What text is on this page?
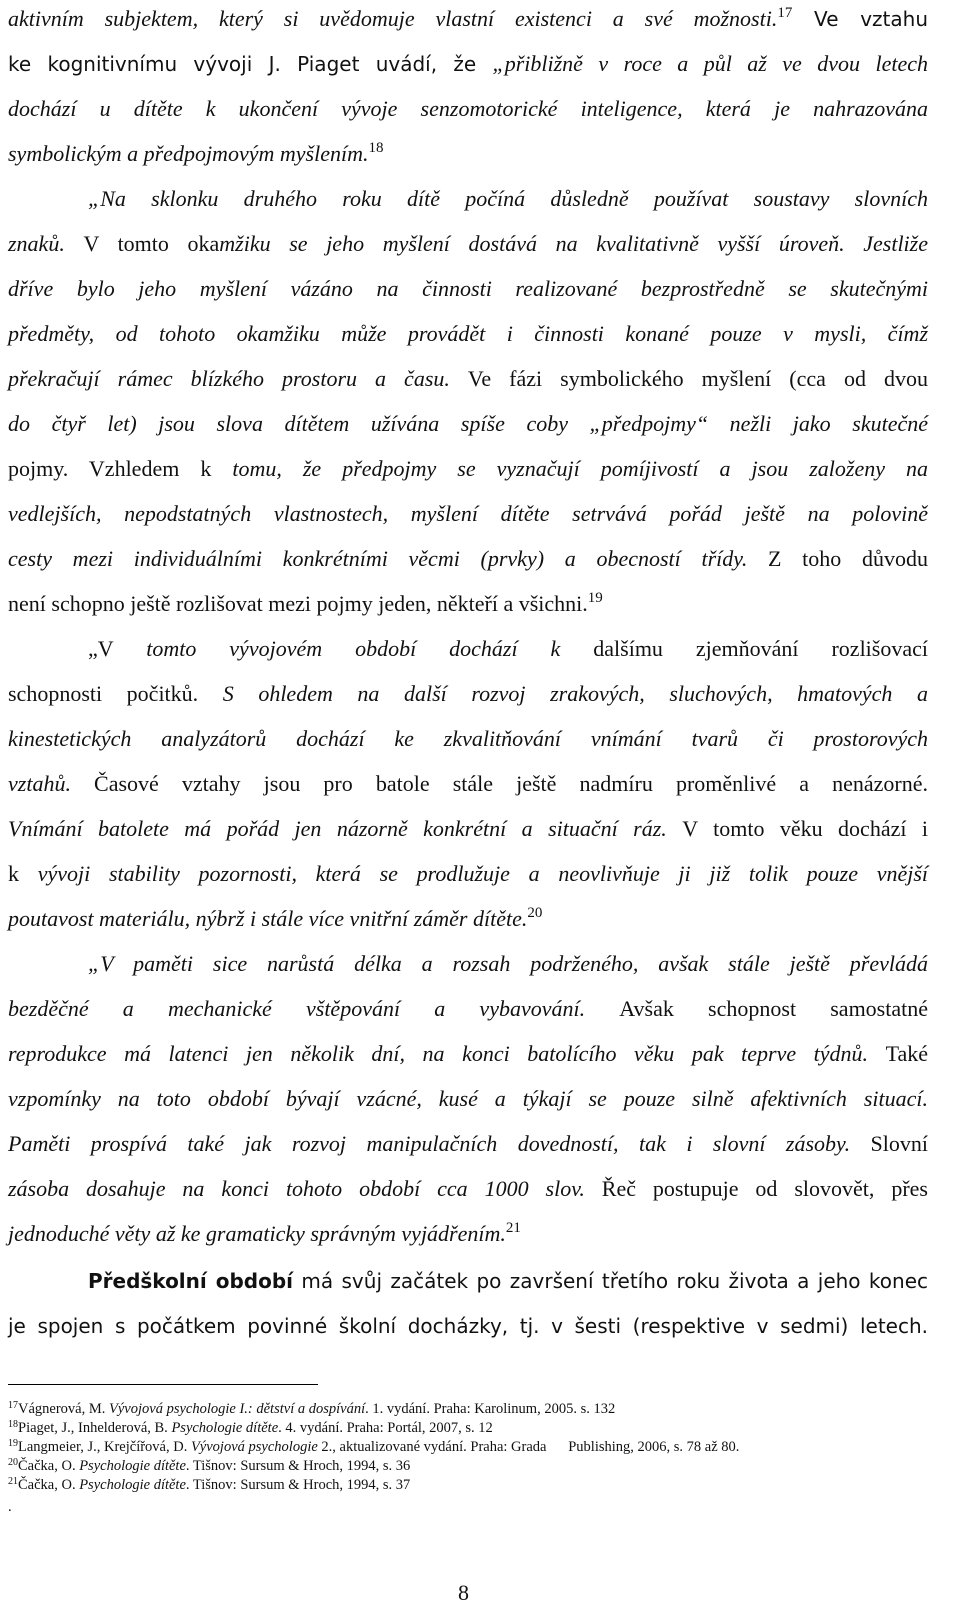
aktivním subjektem, který si uvědomuje vlastní existenci a své možnosti.$^{17}$ Ve vztahu
ke kognitivnímu vývoji J. Piaget uvádí, že „přibližně v roce a půl až ve dvou letech
dochází u dítěte k ukončení vývoje senzomotorické inteligence, která je nahrazována
symbolickým a předpojmovým myšlením.$^{18}$
„Na sklonku druhého roku dítě počíná důsledně používat soustavy slovních
znaků. V tomto okamžiku se jeho myšlení dostává na kvalitativně vyšší úroveň. Jestliže
dříve bylo jeho myšlení vázáno na činnosti realizované bezprostředně se skutečnými
předměty, od tohoto okamžiku může provádět i činnosti konané pouze v mysli, čímž
překračují rámec blízkého prostoru a času. Ve fázi symbolického myšlení (cca od dvou
do čtyř let) jsou slova dítětem užívána spíše coby „předpojmy“ nežli jako skutečné
pojmy. Vzhledem k tomu, že předpojmy se vyznačují pomíjivostí a jsou založeny na
vedlejších, nepodstatných vlastnostech, myšlení dítěte setrvává pořád ještě na polovině
cesty mezi individuálními konkrétními věcmi (prvky) a obecností třídy. Z toho důvodu
není schopno ještě rozlišovat mezi pojmy jeden, někteří a všichni.$^{19}$
„V tomto vývojovém období dochází k dalšímu zjemňování rozlišovací
schopnosti počitků. S ohledem na další rozvoj zrakových, sluchových, hmatových a
kinestetických analyzátorů dochází ke zkvalitňování vnímání tvarů či prostorových
vztahů. Časové vztahy jsou pro batole stále ještě nadmíru proměnlivé a nenázorné.
Vnímání batolete má pořád jen názorně konkrétní a situační ráz. V tomto věku dochází i
k vývoji stability pozornosti, která se prodlužuje a neovlivňuje ji již tolik pouze vnější
poutavost materiálu, nýbrž i stále více vnitřní záměr dítěte.$^{20}$
„V paměti sice narůstá délka a rozsah podrženého, avšak stále ještě převládá
bezděčné a mechanické vštěpování a vybavování. Avšak schopnost samostatné
reprodukce má latenci jen několik dní, na konci batolícího věku pak teprve týdnů. Také
vzpomínky na toto období bývají vzácné, kusé a týkají se pouze silně afektivních situací.
Paměti prospívá také jak rozvoj manipulačních dovedností, tak i slovní zásoby. Slovní
zásoba dosahuje na konci tohoto období cca 1000 slov. Řeč postupuje od slovovět, přes
jednoduché věty až ke gramaticky správným vyjádřením.$^{21}$
Předškolní období má svůj začátek po završení třetího roku života a jeho konec
je spojen s počátkem povinné školní docházky, tj. v šesti (respektive v sedmi) letech.
$^{17}$Vágnerová, M. Vývojová psychologie I.: dětství a dospívání. 1. vydání. Praha: Karolinum, 2005. s. 132
$^{18}$Piaget, J., Inhelderová, B. Psychologie dítěte. 4. vydání. Praha: Portál, 2007, s. 12
$^{19}$Langmeier, J., Krejčířová, D. Vývojová psychologie 2., aktualizované vydání. Praha: Grada      Publishing, 2006, s. 78 až 80.
$^{20}$Čačka, O. Psychologie dítěte. Tišnov: Sursum & Hroch, 1994, s. 36
$^{21}$Čačka, O. Psychologie dítěte. Tišnov: Sursum & Hroch, 1994, s. 37
.
8
